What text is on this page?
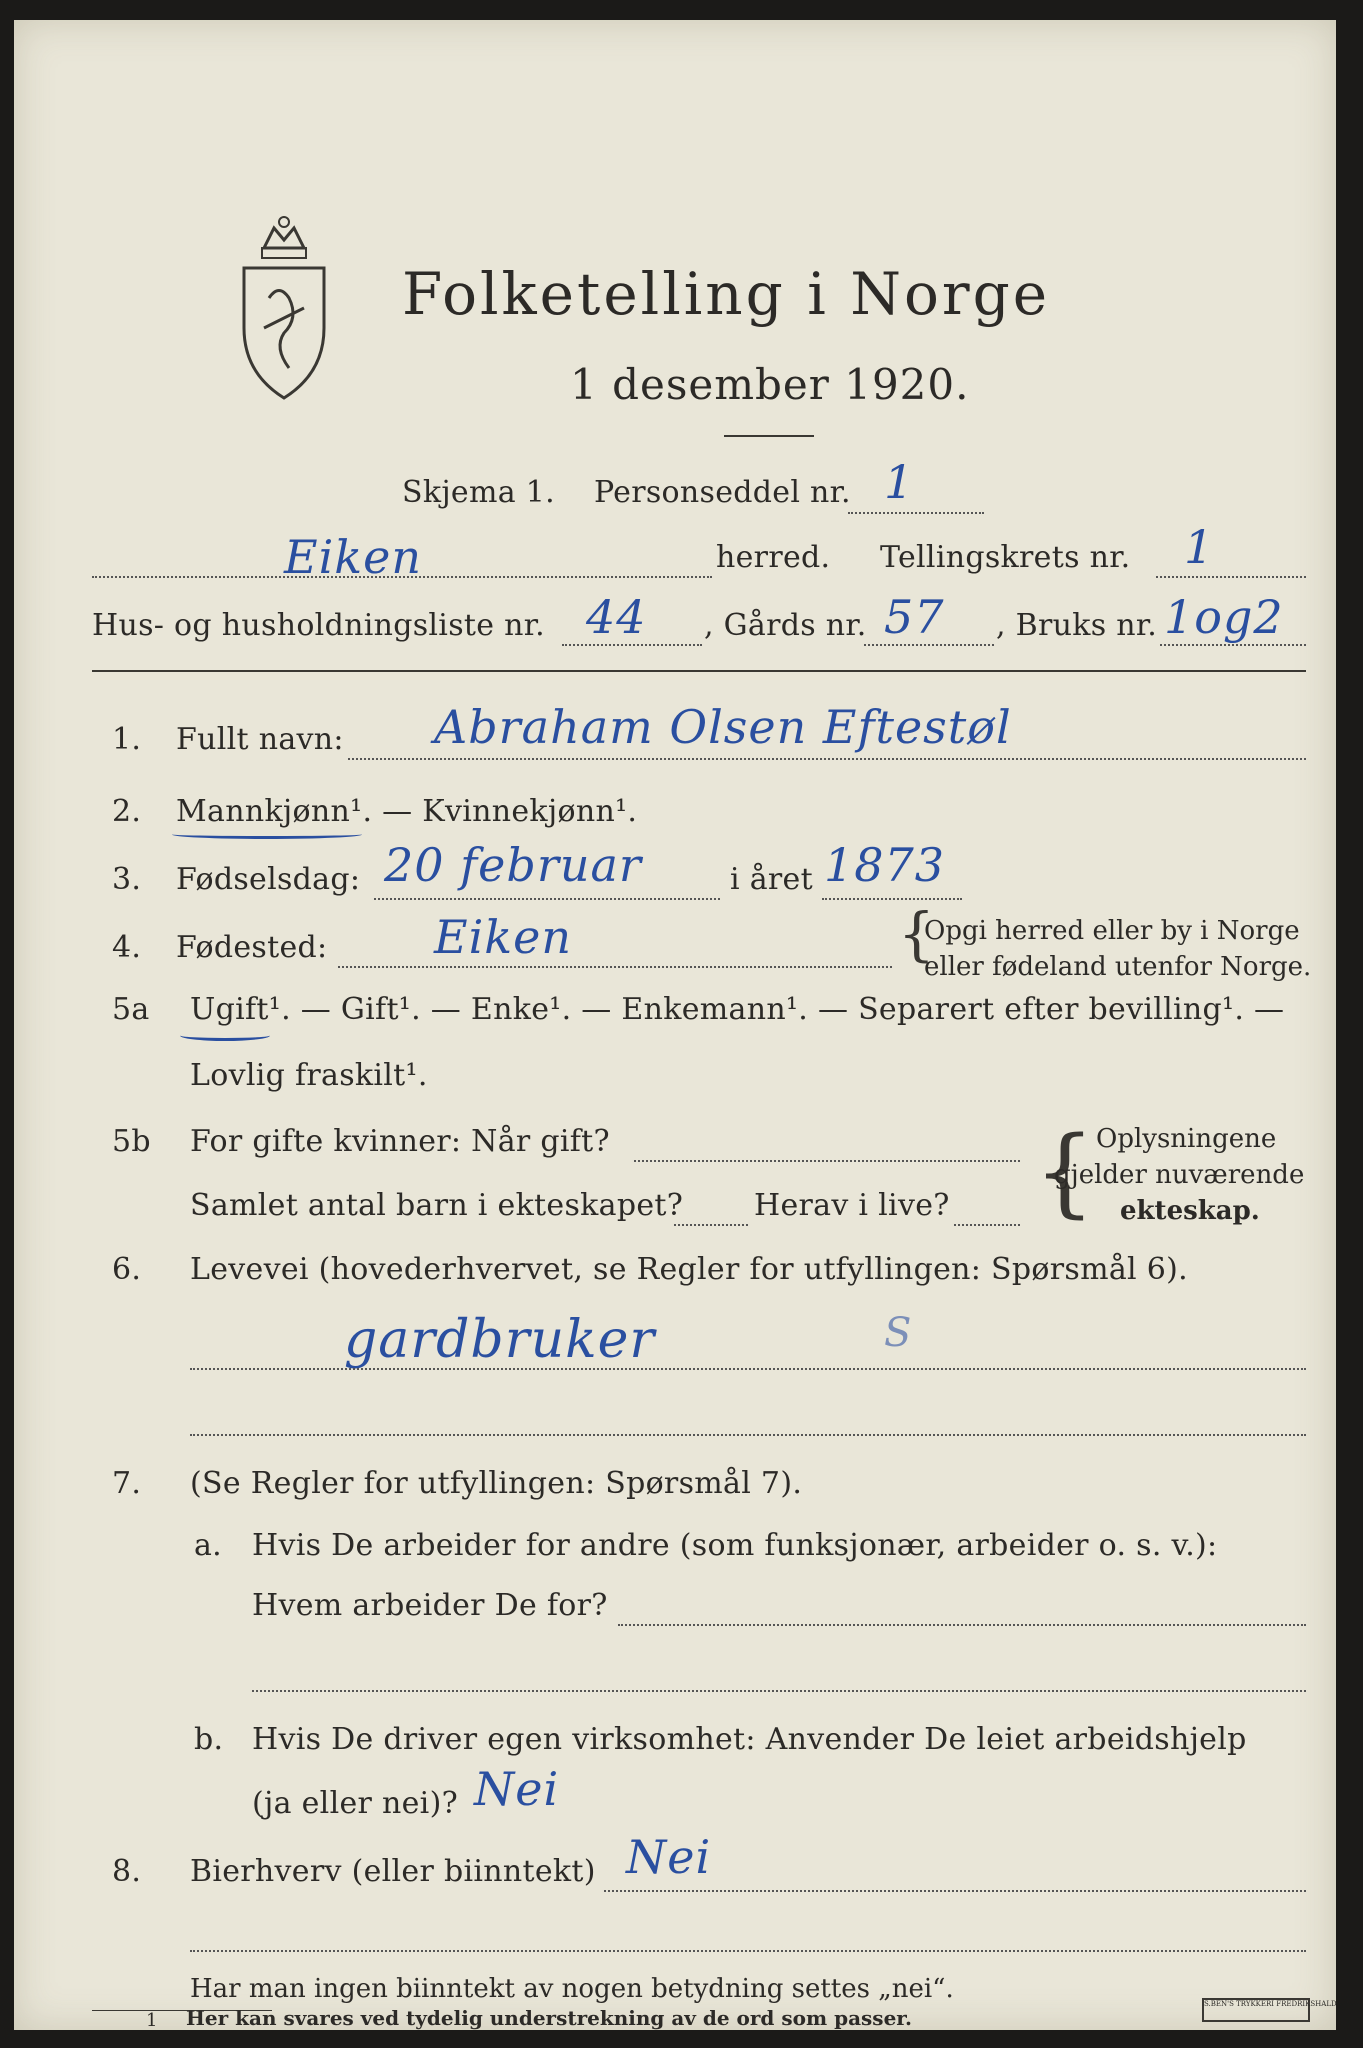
Folketelling i Norge
1 desember 1920.
Skjema 1. Personseddel nr. 1
Eiken	herred. Tellingskrets nr. 1
Hus- og husholdningsliste nr. 44 , Gårds nr. 57 , Bruks nr. 1og2
1. Fullt navn: Abraham Olsen Eftestøl
2. Mannkjønn¹. — Kvinnekjønn¹.
3. Fødselsdag: 20 februar	i året 1873
4. Fødested: Eiken	{
Opgi herred eller by i Norge
eller fødeland utenfor Norge.
5a Ugift¹. — Gift¹. — Enke¹. — Enkemann¹. — Separert efter bevilling¹. —
Lovlig fraskilt¹.
5b For gifte kvinner: Når gift?
Samlet antal barn i ekteskapet? Herav i live? { Oplysningene
gjelder nuværende
ekteskap.
6. Levevei (hovederhvervet, se Regler for utfyllingen: Spørsmål 6).
gardbruker	S
7. (Se Regler for utfyllingen: Spørsmål 7).
a. Hvis De arbeider for andre (som funksjonær, arbeider o. s. v.):
Hvem arbeider De for?
b. Hvis De driver egen virksomhet: Anvender De leiet arbeidshjelp
(ja eller nei)? Nei
8. Bierhverv (eller biinntekt) Nei
Har man ingen biinntekt av nogen betydning settes „nei“.
1 Her kan svares ved tydelig understrekning av de ord som passer.
S.BEN'S TRYKKERI FREDRIKSHALD
